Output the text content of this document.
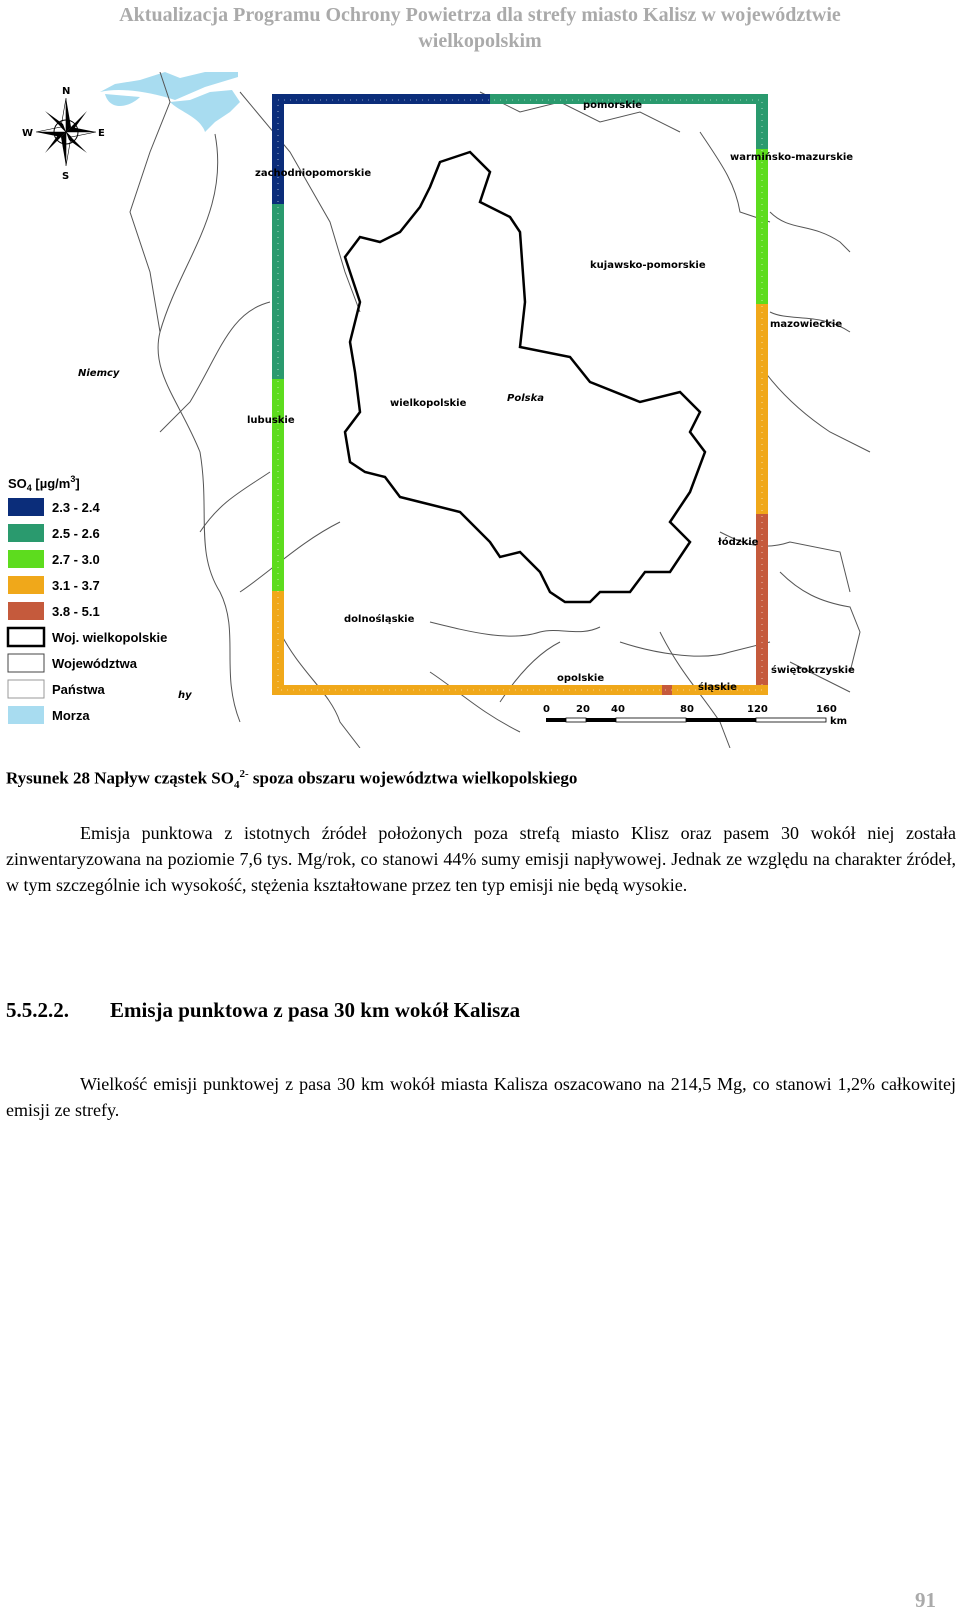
Aktualizacja Programu Ochrony Powietrza dla strefy miasto Kalisz w województwie
wielkopolskim
N
S
W	E
pomorskie
zachodniopomorskie
warmińsko-mazurskie
kujawsko-pomorskie
mazowieckie
Niemcy
lubuskie
wielkopolskie	Polska
łódzkie
dolnośląskie
opolskie
śląskie
świętokrzyskie
hy
$SO_4$ $[\mu g/m^3]$
2.3 - 2.4
2.5 - 2.6
2.7 - 3.0
3.1 - 3.7
3.8 - 5.1
Woj. wielkopolskie
Województwa
Państwa
Morza	0	20 40	80	120	160
km
Rysunek 28 Napływ cząstek $SO_4^{2-}$ spoza obszaru województwa wielkopolskiego

Emisja punktowa z istotnych źródeł położonych poza strefą miasto Klisz oraz pasem 30 wokół niej została zinwentaryzowana na poziomie 7,6 tys. Mg/rok, co stanowi 44% sumy emisji napływowej. Jednak ze względu na charakter źródeł, w tym szczególnie ich wysokość, stężenia kształtowane przez ten typ emisji nie będą wysokie.

5.5.2.2. Emisja punktowa z pasa 30 km wokół Kalisza

Wielkość emisji punktowej z pasa 30 km wokół miasta Kalisza oszacowano na 214,5 Mg, co stanowi 1,2% całkowitej emisji ze strefy.

91
